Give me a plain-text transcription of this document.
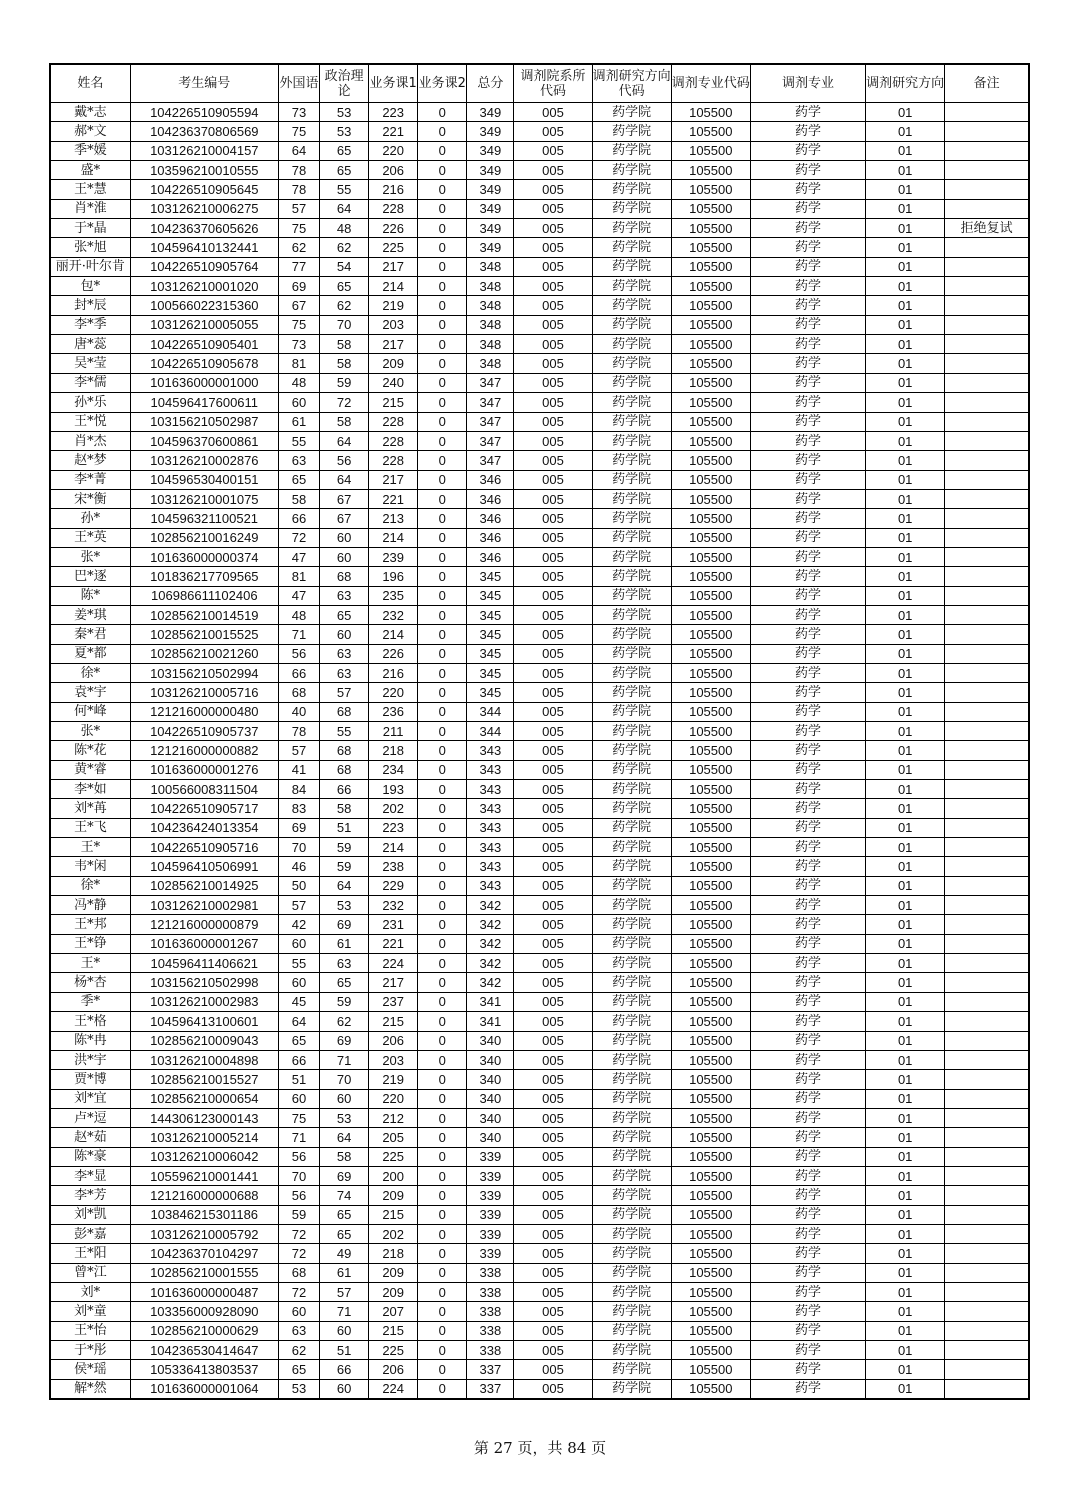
姓名	考生编号	外国语	政治理论	业务课1	业务课2	总分	调剂院系所代码	调剂研究方向代码	调剂专业代码	调剂专业	调剂研究方向	备注
戴*志	104226510905594	73	53	223	0	349	005	药学院	105500	药学	01	
郝*文	104236370806569	75	53	221	0	349	005	药学院	105500	药学	01	
季*媛	103126210004157	64	65	220	0	349	005	药学院	105500	药学	01	
盛*	103596210010555	78	65	206	0	349	005	药学院	105500	药学	01	
王*慧	104226510905645	78	55	216	0	349	005	药学院	105500	药学	01	
肖*淮	103126210006275	57	64	228	0	349	005	药学院	105500	药学	01	
于*晶	104236370605626	75	48	226	0	349	005	药学院	105500	药学	01	拒绝复试
张*旭	104596410132441	62	62	225	0	349	005	药学院	105500	药学	01	
丽开·叶尔肯	104226510905764	77	54	217	0	348	005	药学院	105500	药学	01	
包*	103126210001020	69	65	214	0	348	005	药学院	105500	药学	01	
封*辰	100566022315360	67	62	219	0	348	005	药学院	105500	药学	01	
李*季	103126210005055	75	70	203	0	348	005	药学院	105500	药学	01	
唐*蕊	104226510905401	73	58	217	0	348	005	药学院	105500	药学	01	
吴*莹	104226510905678	81	58	209	0	348	005	药学院	105500	药学	01	
李*儒	101636000001000	48	59	240	0	347	005	药学院	105500	药学	01	
孙*乐	104596417600611	60	72	215	0	347	005	药学院	105500	药学	01	
王*悦	103156210502987	61	58	228	0	347	005	药学院	105500	药学	01	
肖*杰	104596370600861	55	64	228	0	347	005	药学院	105500	药学	01	
赵*梦	103126210002876	63	56	228	0	347	005	药学院	105500	药学	01	
李*菁	104596530400151	65	64	217	0	346	005	药学院	105500	药学	01	
宋*衡	103126210001075	58	67	221	0	346	005	药学院	105500	药学	01	
孙*	104596321100521	66	67	213	0	346	005	药学院	105500	药学	01	
王*英	102856210016249	72	60	214	0	346	005	药学院	105500	药学	01	
张*	101636000000374	47	60	239	0	346	005	药学院	105500	药学	01	
巴*逐	101836217709565	81	68	196	0	345	005	药学院	105500	药学	01	
陈*	106986611102406	47	63	235	0	345	005	药学院	105500	药学	01	
姜*琪	102856210014519	48	65	232	0	345	005	药学院	105500	药学	01	
秦*君	102856210015525	71	60	214	0	345	005	药学院	105500	药学	01	
夏*都	102856210021260	56	63	226	0	345	005	药学院	105500	药学	01	
徐*	103156210502994	66	63	216	0	345	005	药学院	105500	药学	01	
袁*宇	103126210005716	68	57	220	0	345	005	药学院	105500	药学	01	
何*峰	121216000000480	40	68	236	0	344	005	药学院	105500	药学	01	
张*	104226510905737	78	55	211	0	344	005	药学院	105500	药学	01	
陈*花	121216000000882	57	68	218	0	343	005	药学院	105500	药学	01	
黄*睿	101636000001276	41	68	234	0	343	005	药学院	105500	药学	01	
李*如	100566008311504	84	66	193	0	343	005	药学院	105500	药学	01	
刘*苒	104226510905717	83	58	202	0	343	005	药学院	105500	药学	01	
王*飞	104236424013354	69	51	223	0	343	005	药学院	105500	药学	01	
王*	104226510905716	70	59	214	0	343	005	药学院	105500	药学	01	
韦*闲	104596410506991	46	59	238	0	343	005	药学院	105500	药学	01	
徐*	102856210014925	50	64	229	0	343	005	药学院	105500	药学	01	
冯*静	103126210002981	57	53	232	0	342	005	药学院	105500	药学	01	
王*邦	121216000000879	42	69	231	0	342	005	药学院	105500	药学	01	
王*铮	101636000001267	60	61	221	0	342	005	药学院	105500	药学	01	
王*	104596411406621	55	63	224	0	342	005	药学院	105500	药学	01	
杨*杏	103156210502998	60	65	217	0	342	005	药学院	105500	药学	01	
季*	103126210002983	45	59	237	0	341	005	药学院	105500	药学	01	
王*格	104596413100601	64	62	215	0	341	005	药学院	105500	药学	01	
陈*冉	102856210009043	65	69	206	0	340	005	药学院	105500	药学	01	
洪*宇	103126210004898	66	71	203	0	340	005	药学院	105500	药学	01	
贾*博	102856210015527	51	70	219	0	340	005	药学院	105500	药学	01	
刘*宜	102856210000654	60	60	220	0	340	005	药学院	105500	药学	01	
卢*逗	144306123000143	75	53	212	0	340	005	药学院	105500	药学	01	
赵*茹	103126210005214	71	64	205	0	340	005	药学院	105500	药学	01	
陈*豪	103126210006042	56	58	225	0	339	005	药学院	105500	药学	01	
李*显	105596210001441	70	69	200	0	339	005	药学院	105500	药学	01	
李*芳	121216000000688	56	74	209	0	339	005	药学院	105500	药学	01	
刘*凯	103846215301186	59	65	215	0	339	005	药学院	105500	药学	01	
彭*嘉	103126210005792	72	65	202	0	339	005	药学院	105500	药学	01	
王*阳	104236370104297	72	49	218	0	339	005	药学院	105500	药学	01	
曾*江	102856210001555	68	61	209	0	338	005	药学院	105500	药学	01	
刘*	101636000000487	72	57	209	0	338	005	药学院	105500	药学	01	
刘*童	103356000928090	60	71	207	0	338	005	药学院	105500	药学	01	
王*怡	102856210000629	63	60	215	0	338	005	药学院	105500	药学	01	
于*彤	104236530414647	62	51	225	0	338	005	药学院	105500	药学	01	
侯*瑶	105336413803537	65	66	206	0	337	005	药学院	105500	药学	01	
解*然	101636000001064	53	60	224	0	337	005	药学院	105500	药学	01	
第 27 页，共 84 页
